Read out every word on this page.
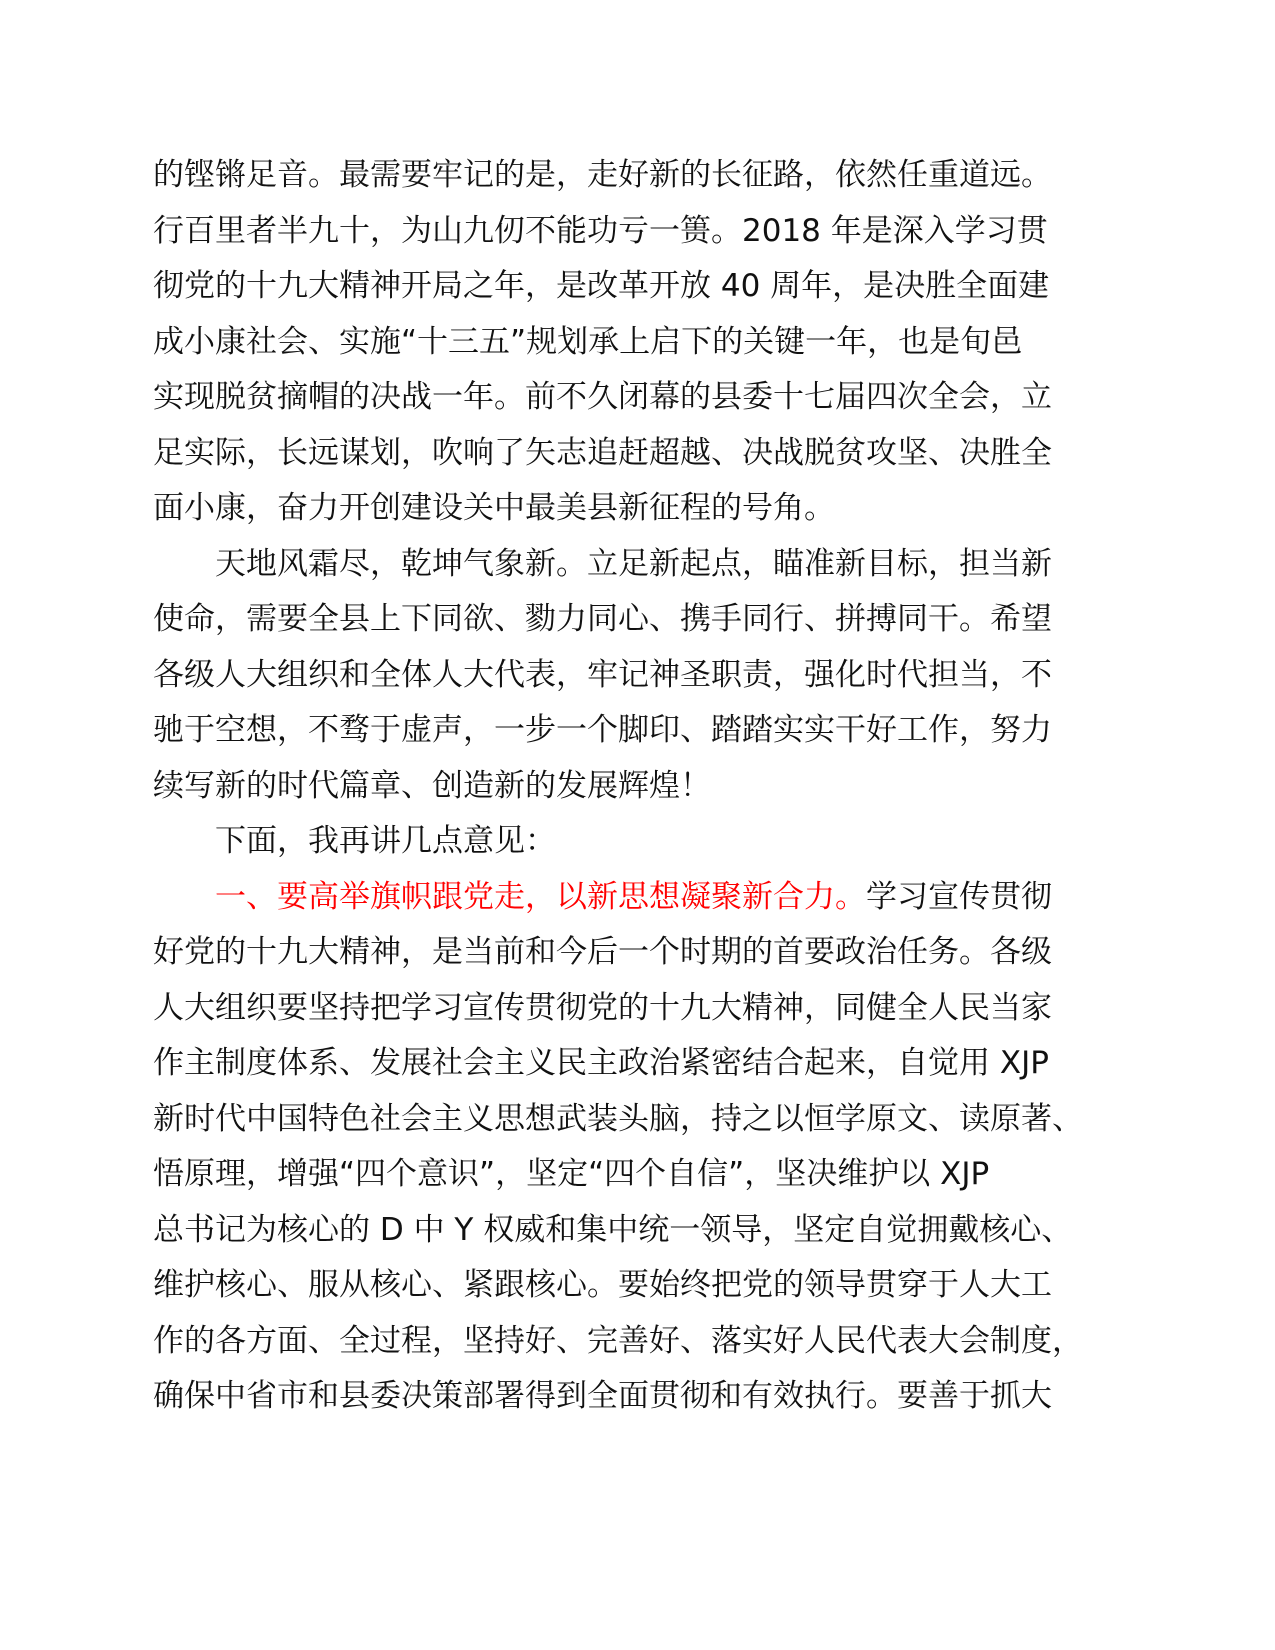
的铿锵足音。最需要牢记的是，走好新的长征路，依然任重道远。
行百里者半九十，为山九仞不能功亏一篑。2018 年是深入学习贯
彻党的十九大精神开局之年，是改革开放 40 周年，是决胜全面建
成小康社会、实施“十三五”规划承上启下的关键一年，也是旬邑
实现脱贫摘帽的决战一年。前不久闭幕的县委十七届四次全会，立
足实际，长远谋划，吹响了矢志追赶超越、决战脱贫攻坚、决胜全
面小康，奋力开创建设关中最美县新征程的号角。
天地风霜尽，乾坤气象新。立足新起点，瞄准新目标，担当新
使命，需要全县上下同欲、勠力同心、携手同行、拼搏同干。希望
各级人大组织和全体人大代表，牢记神圣职责，强化时代担当，不
驰于空想，不骛于虚声，一步一个脚印、踏踏实实干好工作，努力
续写新的时代篇章、创造新的发展辉煌！
下面，我再讲几点意见：
一、要高举旗帜跟党走，以新思想凝聚新合力。学习宣传贯彻
好党的十九大精神，是当前和今后一个时期的首要政治任务。各级
人大组织要坚持把学习宣传贯彻党的十九大精神，同健全人民当家
作主制度体系、发展社会主义民主政治紧密结合起来，自觉用 XJP
新时代中国特色社会主义思想武装头脑，持之以恒学原文、读原著、
悟原理，增强“四个意识”，坚定“四个自信”，坚决维护以 XJP
总书记为核心的 D 中 Y 权威和集中统一领导，坚定自觉拥戴核心、
维护核心、服从核心、紧跟核心。要始终把党的领导贯穿于人大工
作的各方面、全过程，坚持好、完善好、落实好人民代表大会制度，
确保中省市和县委决策部署得到全面贯彻和有效执行。要善于抓大
